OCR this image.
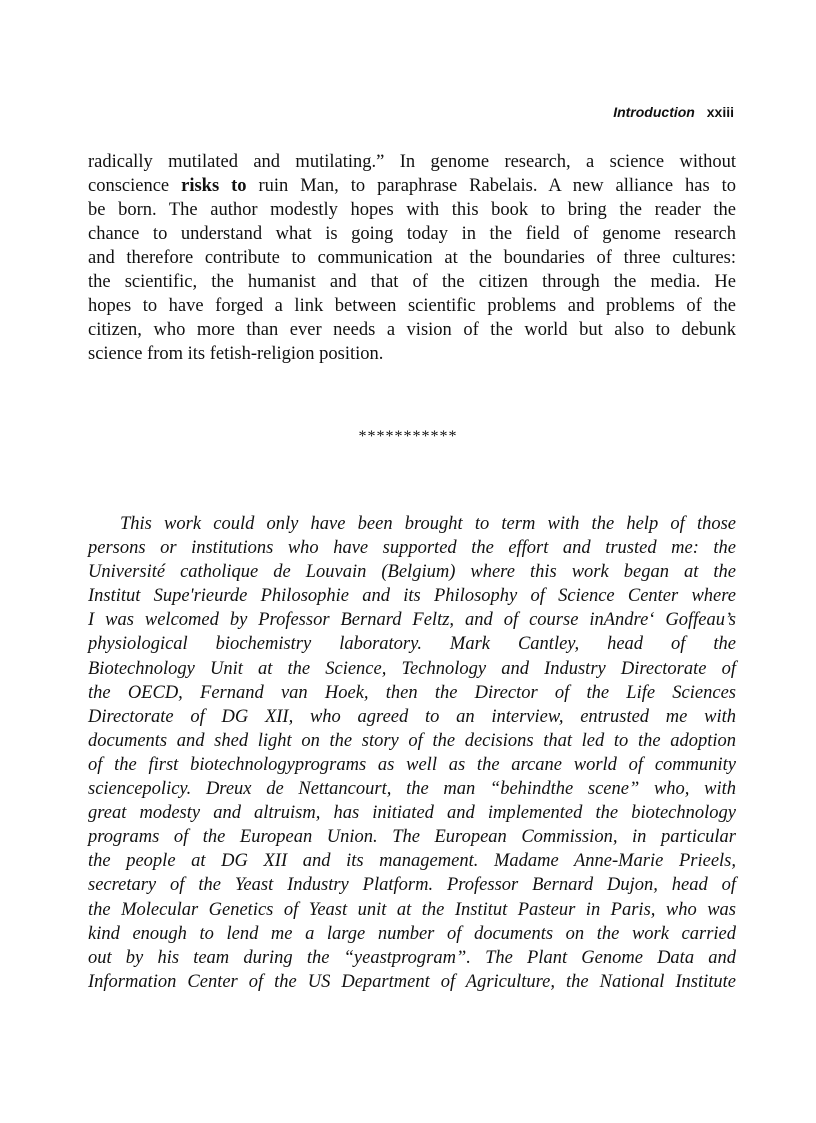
Introduction xxiii
radically mutilated and mutilating.” In genome research, a science without
conscience risks to ruin Man, to paraphrase Rabelais. A new alliance has to
be born. The author modestly hopes with this book to bring the reader the
chance to understand what is going today in the field of genome research
and therefore contribute to communication at the boundaries of three cultures:
the scientific, the humanist and that of the citizen through the media. He
hopes to have forged a link between scientific problems and problems of the
citizen, who more than ever needs a vision of the world but also to debunk
science from its fetish-religion position.
***********
This work could only have been brought to term with the help of those
persons or institutions who have supported the effort and trusted me: the
Université catholique de Louvain (Belgium) where this work began at the
Institut Supe'rieurde Philosophie and its Philosophy of Science Center where
I was welcomed by Professor Bernard Feltz, and of course inAndre‘ Goffeau’s
physiological biochemistry laboratory. Mark Cantley, head of the
Biotechnology Unit at the Science, Technology and Industry Directorate of
the OECD, Fernand van Hoek, then the Director of the Life Sciences
Directorate of DG XII, who agreed to an interview, entrusted me with
documents and shed light on the story of the decisions that led to the adoption
of the first biotechnologyprograms as well as the arcane world of community
sciencepolicy. Dreux de Nettancourt, the man “behindthe scene” who, with
great modesty and altruism, has initiated and implemented the biotechnology
programs of the European Union. The European Commission, in particular
the people at DG XII and its management. Madame Anne-Marie Prieels,
secretary of the Yeast Industry Platform. Professor Bernard Dujon, head of
the Molecular Genetics of Yeast unit at the Institut Pasteur in Paris, who was
kind enough to lend me a large number of documents on the work carried
out by his team during the “yeastprogram”. The Plant Genome Data and
Information Center of the US Department of Agriculture, the National Institute
